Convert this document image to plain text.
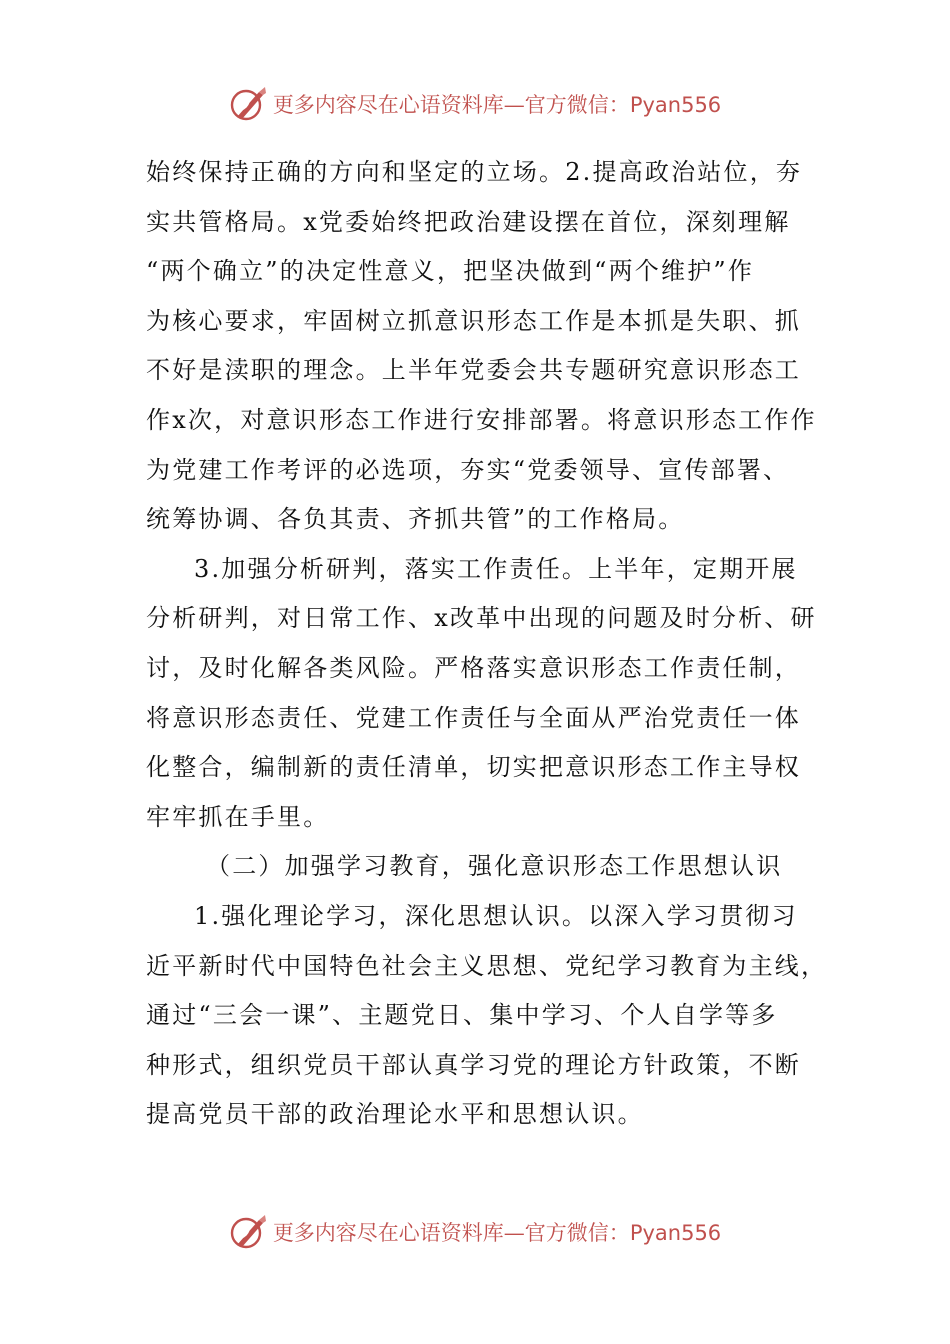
更多内容尽在心语资料库—官方微信：Pyan556
始终保持正确的方向和坚定的立场。2.提高政治站位，夯
实共管格局。x党委始终把政治建设摆在首位，深刻理解
“两个确立”的决定性意义，把坚决做到“两个维护”作
为核心要求，牢固树立抓意识形态工作是本抓是失职、抓
不好是渎职的理念。上半年党委会共专题研究意识形态工
作x次，对意识形态工作进行安排部署。将意识形态工作作
为党建工作考评的必选项，夯实“党委领导、宣传部署、
统筹协调、各负其责、齐抓共管”的工作格局。
3.加强分析研判，落实工作责任。上半年，定期开展
分析研判，对日常工作、x改革中出现的问题及时分析、研
讨，及时化解各类风险。严格落实意识形态工作责任制，
将意识形态责任、党建工作责任与全面从严治党责任一体
化整合，编制新的责任清单，切实把意识形态工作主导权
牢牢抓在手里。
（二）加强学习教育，强化意识形态工作思想认识
1.强化理论学习，深化思想认识。以深入学习贯彻习
近平新时代中国特色社会主义思想、党纪学习教育为主线，
通过“三会一课”、主题党日、集中学习、个人自学等多
种形式，组织党员干部认真学习党的理论方针政策，不断
提高党员干部的政治理论水平和思想认识。
更多内容尽在心语资料库—官方微信：Pyan556
